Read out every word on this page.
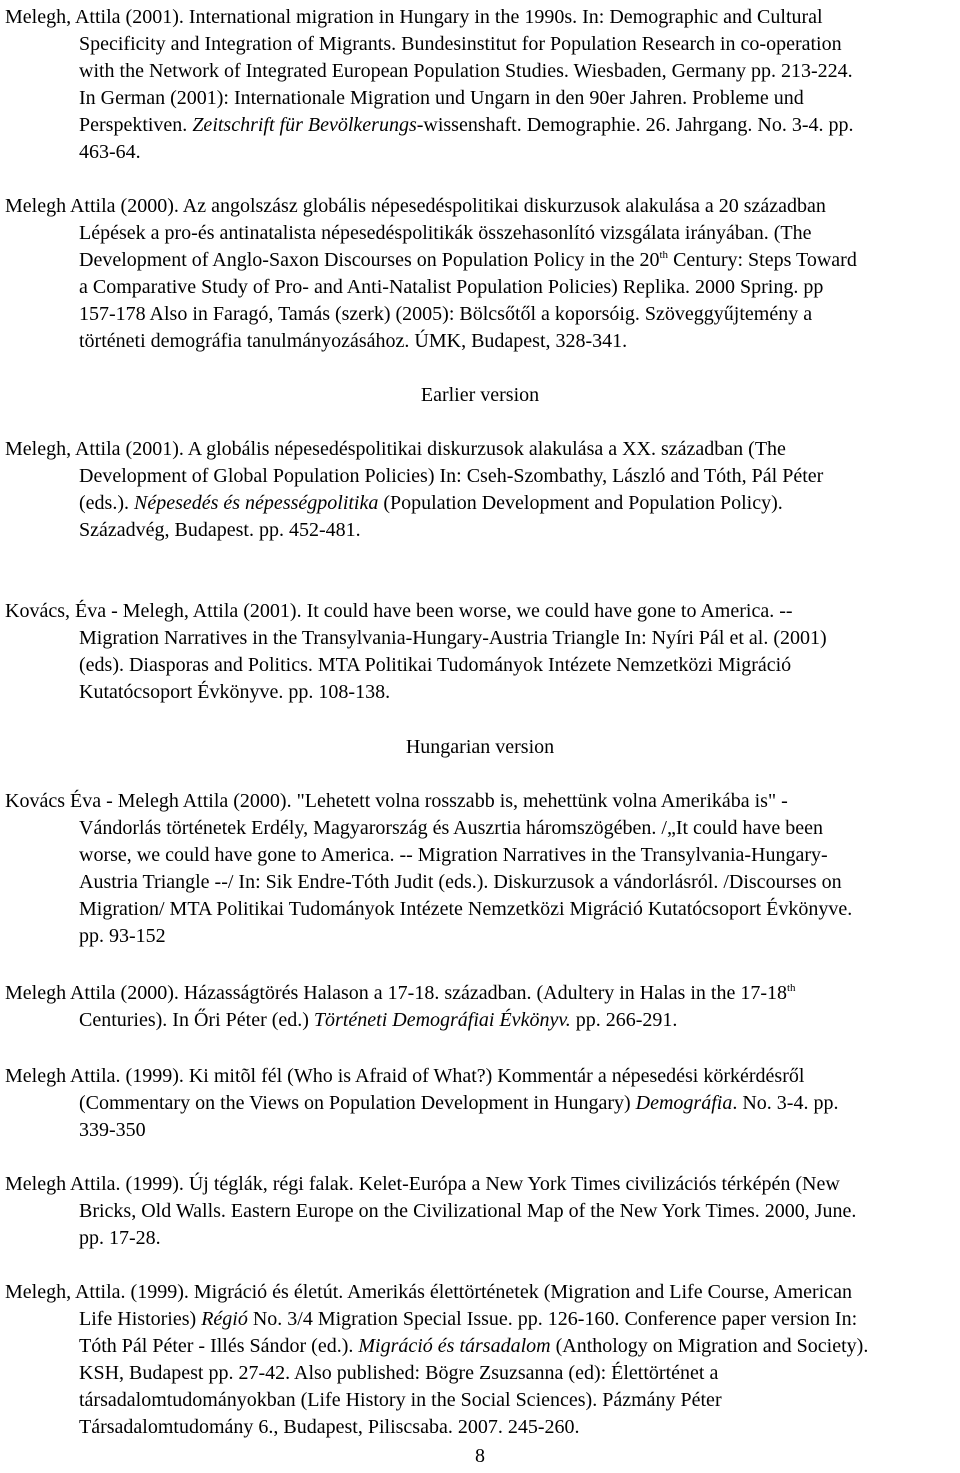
Melegh, Attila (2001). International migration in Hungary in the 1990s. In: Demographic and Cultural
Specificity and Integration of Migrants. Bundesinstitut for Population Research in co-operation
with the Network of Integrated European Population Studies. Wiesbaden, Germany pp. 213-224.
In German (2001): Internationale Migration und Ungarn in den 90er Jahren. Probleme und
Perspektiven. Zeitschrift für Bevölkerungs-wissenshaft. Demographie. 26. Jahrgang. No. 3-4. pp.
463-64.
Melegh Attila (2000). Az angolszász globális népesedéspolitikai diskurzusok alakulása a 20 században
Lépések a pro-és antinatalista népesedéspolitikák összehasonlító vizsgálata irányában. (The
Development of Anglo-Saxon Discourses on Population Policy in the 20th Century: Steps Toward
a Comparative Study of Pro- and Anti-Natalist Population Policies) Replika. 2000 Spring. pp
157-178 Also in Faragó, Tamás (szerk) (2005): Bölcsőtől a koporsóig. Szöveggyűjtemény a
történeti demográfia tanulmányozásához. ÚMK, Budapest, 328-341.
Earlier version
Melegh, Attila (2001). A globális népesedéspolitikai diskurzusok alakulása a XX. században (The
Development of Global Population Policies) In: Cseh-Szombathy, László and Tóth, Pál Péter
(eds.). Népesedés és népességpolitika (Population Development and Population Policy).
Századvég, Budapest. pp. 452-481.
Kovács, Éva - Melegh, Attila (2001). It could have been worse, we could have gone to America. --
Migration Narratives in the Transylvania-Hungary-Austria Triangle In: Nyíri Pál et al. (2001)
(eds). Diasporas and Politics. MTA Politikai Tudományok Intézete Nemzetközi Migráció
Kutatócsoport Évkönyve. pp. 108-138.
Hungarian version
Kovács Éva - Melegh Attila (2000). "Lehetett volna rosszabb is, mehettünk volna Amerikába is" -
Vándorlás történetek Erdély, Magyarország és Auszrtia háromszögében. /„It could have been
worse, we could have gone to America. -- Migration Narratives in the Transylvania-Hungary-
Austria Triangle --/ In: Sik Endre-Tóth Judit (eds.). Diskurzusok a vándorlásról. /Discourses on
Migration/ MTA Politikai Tudományok Intézete Nemzetközi Migráció Kutatócsoport Évkönyve.
pp. 93-152
Melegh Attila (2000). Házasságtörés Halason a 17-18. században. (Adultery in Halas in the 17-18th
Centuries). In Őri Péter (ed.) Történeti Demográfiai Évkönyv. pp. 266-291.
Melegh Attila. (1999). Ki mitõl fél (Who is Afraid of What?) Kommentár a népesedési körkérdésről
(Commentary on the Views on Population Development in Hungary) Demográfia. No. 3-4. pp.
339-350
Melegh Attila. (1999). Új téglák, régi falak. Kelet-Európa a New York Times civilizációs térképén (New
Bricks, Old Walls. Eastern Europe on the Civilizational Map of the New York Times. 2000, June.
pp. 17-28.
Melegh, Attila. (1999). Migráció és életút. Amerikás élettörténetek (Migration and Life Course, American
Life Histories) Régió No. 3/4 Migration Special Issue. pp. 126-160. Conference paper version In:
Tóth Pál Péter - Illés Sándor (ed.). Migráció és társadalom (Anthology on Migration and Society).
KSH, Budapest pp. 27-42. Also published: Bögre Zsuzsanna (ed): Élettörténet a
társadalomtudományokban (Life History in the Social Sciences). Pázmány Péter
Társadalomtudomány 6., Budapest, Piliscsaba. 2007. 245-260.
8
